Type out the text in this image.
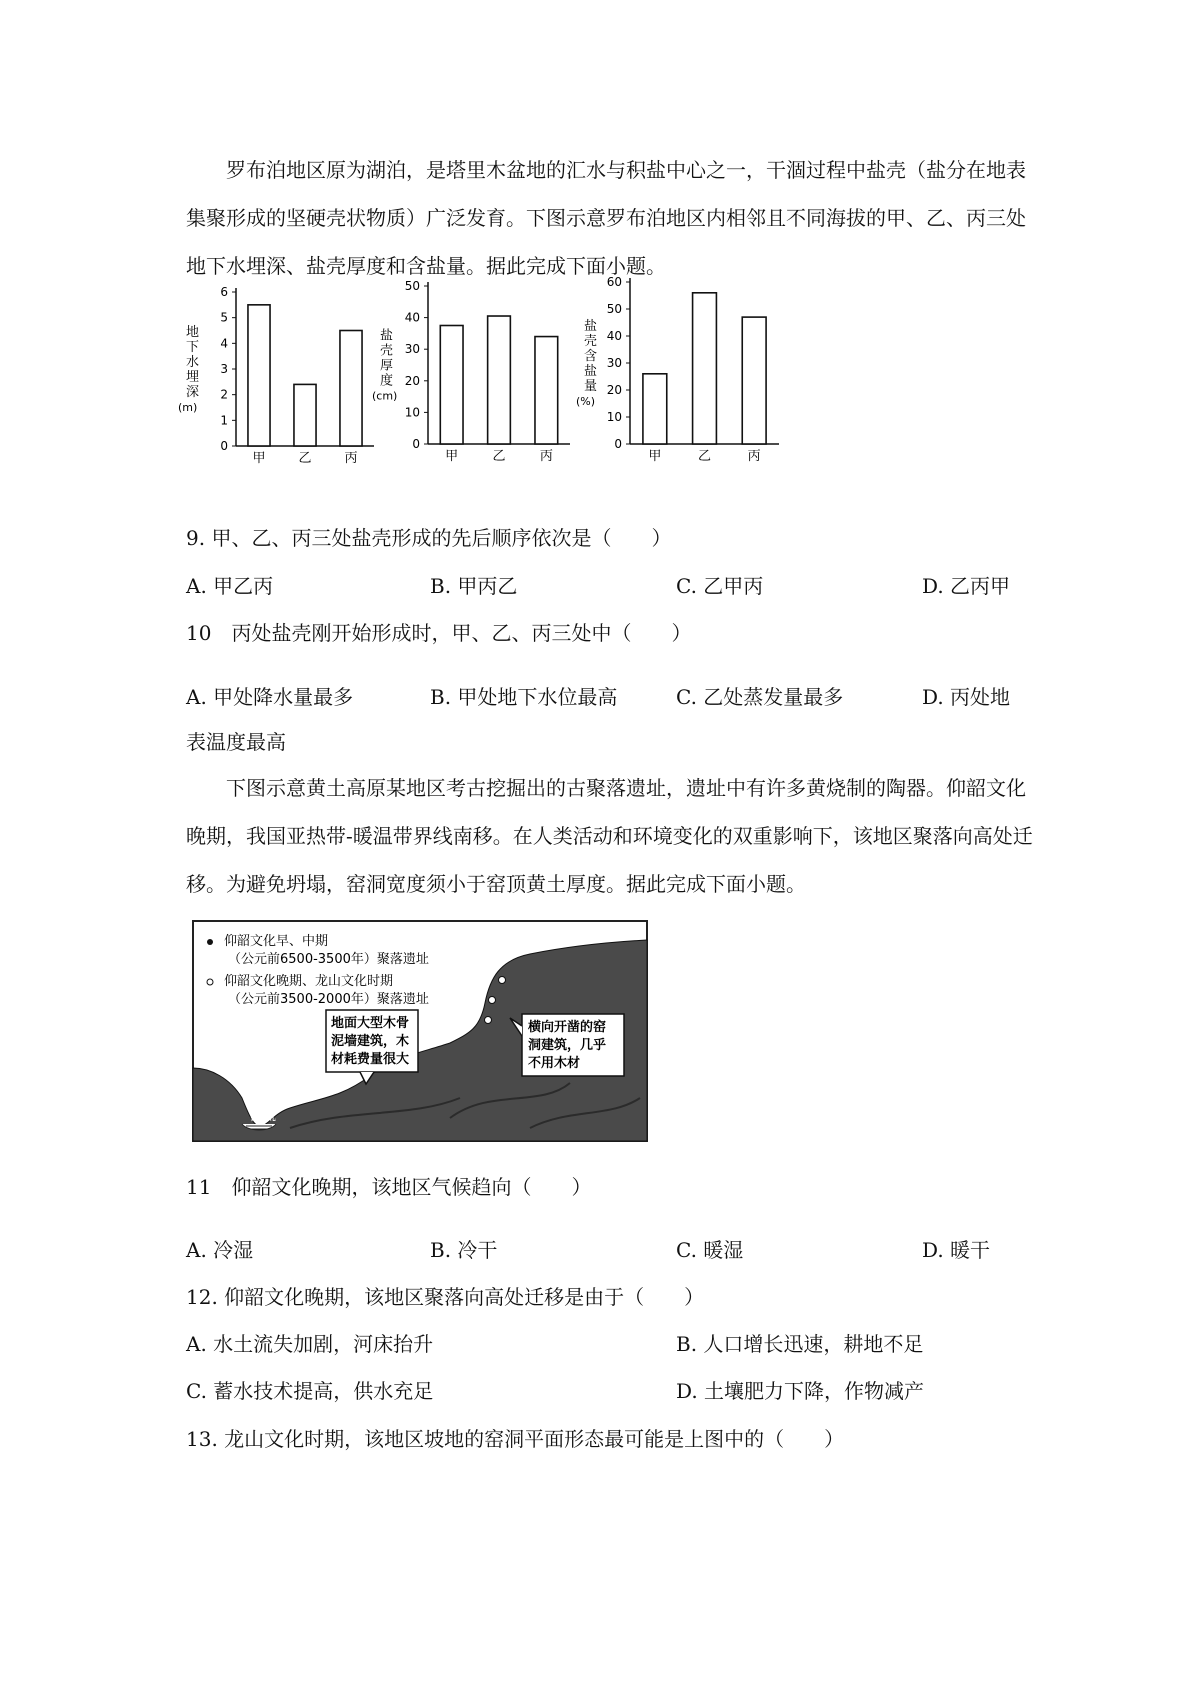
罗布泊地区原为湖泊，是塔里木盆地的汇水与积盐中心之一，干涸过程中盐壳（盐分在地表集聚形成的坚硬壳状物质）广泛发育。下图示意罗布泊地区内相邻且不同海拔的甲、乙、丙三处地下水埋深、盐壳厚度和含盐量。据此完成下面小题。
0
1
2
3
4
5
6
地下水埋深(m)
甲	乙	丙
0
10
20
30
40
50
盐壳厚度(cm)
甲	乙	丙
0
10
20
30
40
50
60
盐壳含盐量(%)
甲	乙	丙
9. 甲、乙、丙三处盐壳形成的先后顺序依次是（　　）
A. 甲乙丙	B. 甲丙乙	C. 乙甲丙	D. 乙丙甲
10　丙处盐壳刚开始形成时，甲、乙、丙三处中（　　）
A. 甲处降水量最多	B. 甲处地下水位最高	C. 乙处蒸发量最多	D. 丙处地
表温度最高
下图示意黄土高原某地区考古挖掘出的古聚落遗址，遗址中有许多黄烧制的陶器。仰韶文化晚期，我国亚热带-暖温带界线南移。在人类活动和环境变化的双重影响下，该地区聚落向高处迁移。为避免坍塌，窑洞宽度须小于窑顶黄土厚度。据此完成下面小题。
河流
仰韶文化早、中期
（公元前6500-3500年）聚落遗址
仰韶文化晚期、龙山文化时期
（公元前3500-2000年）聚落遗址
地面大型木骨
泥墙建筑，木
材耗费量很大
横向开凿的窑
洞建筑，几乎
不用木材
11　仰韶文化晚期，该地区气候趋向（　　）
A. 冷湿	B. 冷干	C. 暖湿	D. 暖干
12. 仰韶文化晚期，该地区聚落向高处迁移是由于（　　）
A. 水土流失加剧，河床抬升	B. 人口增长迅速，耕地不足
C. 蓄水技术提高，供水充足	D. 土壤肥力下降，作物减产
13. 龙山文化时期，该地区坡地的窑洞平面形态最可能是上图中的（　　）
